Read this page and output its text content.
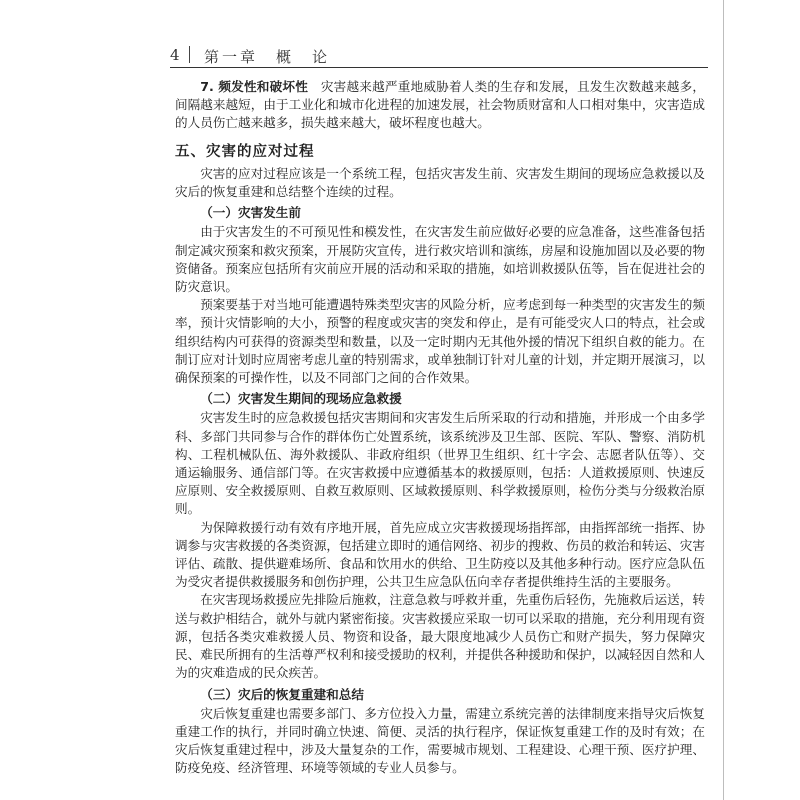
4 第一章　概　论

7. 频发性和破坏性　 灾害越来越严重地威胁着人类的生存和发展，且发生次数越来越多，间隔越来越短，由于工业化和城市化进程的加速发展，社会物质财富和人口相对集中，灾害造成的人员伤亡越来越多，损失越来越大，破坏程度也越大。

五、灾害的应对过程

灾害的应对过程应该是一个系统工程，包括灾害发生前、灾害发生期间的现场应急救援以及灾后的恢复重建和总结整个连续的过程。

（一）灾害发生前

由于灾害发生的不可预见性和模发性，在灾害发生前应做好必要的应急准备，这些准备包括制定减灾预案和救灾预案，开展防灾宣传，进行救灾培训和演练，房屋和设施加固以及必要的物资储备。预案应包括所有灾前应开展的活动和采取的措施，如培训救援队伍等，旨在促进社会的防灾意识。

预案要基于对当地可能遭遇特殊类型灾害的风险分析，应考虑到每一种类型的灾害发生的频率，预计灾情影响的大小，预警的程度或灾害的突发和停止，是有可能受灾人口的特点，社会或组织结构内可获得的资源类型和数量，以及一定时期内无其他外援的情况下组织自救的能力。在制订应对计划时应周密考虑儿童的特别需求，或单独制订针对儿童的计划，并定期开展演习，以确保预案的可操作性，以及不同部门之间的合作效果。

（二）灾害发生期间的现场应急救援

灾害发生时的应急救援包括灾害期间和灾害发生后所采取的行动和措施，并形成一个由多学科、多部门共同参与合作的群体伤亡处置系统，该系统涉及卫生部、医院、军队、警察、消防机构、工程机械队伍、海外救援队、非政府组织（世界卫生组织、红十字会、志愿者队伍等）、交通运输服务、通信部门等。在灾害救援中应遵循基本的救援原则，包括：人道救援原则、快速反应原则、安全救援原则、自救互救原则、区域救援原则、科学救援原则，检伤分类与分级救治原则。

为保障救援行动有效有序地开展，首先应成立灾害救援现场指挥部，由指挥部统一指挥、协调参与灾害救援的各类资源，包括建立即时的通信网络、初步的搜救、伤员的救治和转运、灾害评估、疏散、提供避难场所、食品和饮用水的供给、卫生防疫以及其他多种行动。医疗应急队伍为受灾者提供救援服务和创伤护理，公共卫生应急队伍向幸存者提供维持生活的主要服务。

在灾害现场救援应先排险后施救，注意急救与呼救并重，先重伤后轻伤，先施救后运送，转送与救护相结合，就外与就内紧密衔接。灾害救援应采取一切可以采取的措施，充分利用现有资源，包括各类灾难救援人员、物资和设备，最大限度地减少人员伤亡和财产损失，努力保障灾民、难民所拥有的生活尊严权利和接受援助的权利，并提供各种援助和保护，以减轻因自然和人为的灾难造成的民众疾苦。

（三）灾后的恢复重建和总结

灾后恢复重建也需要多部门、多方位投入力量，需建立系统完善的法律制度来指导灾后恢复重建工作的执行，并同时确立快速、简便、灵活的执行程序，保证恢复重建工作的及时有效；在灾后恢复重建过程中，涉及大量复杂的工作，需要城市规划、工程建设、心理干预、医疗护理、防疫免疫、经济管理、环境等领域的专业人员参与。
